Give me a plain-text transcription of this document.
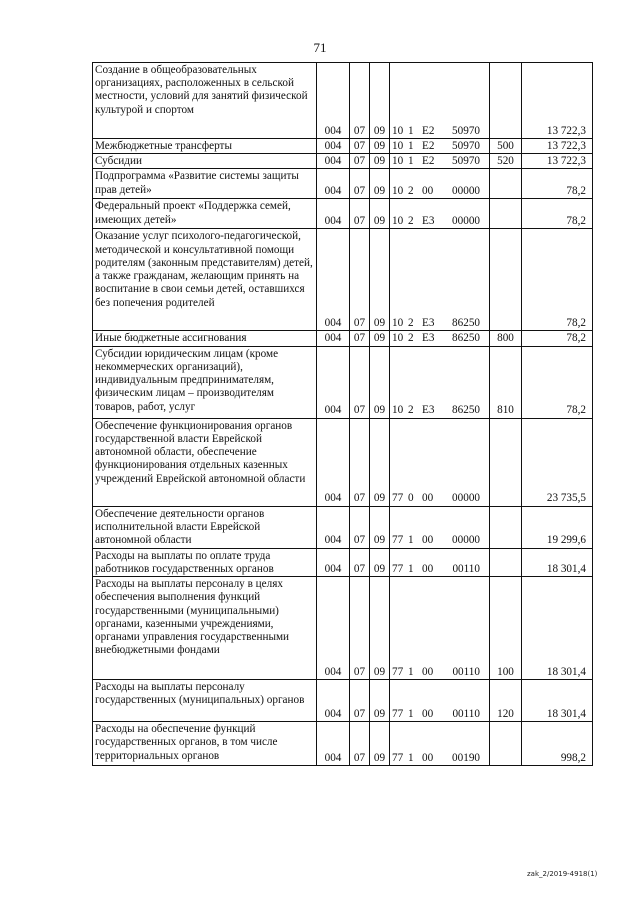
71
Создание в общеобразовательных организациях, расположенных в сельской местности, условий для занятий физической культурой и спортом	004	07	09	10 1 E2 50970		13 722,3
Межбюджетные трансферты	004	07	09	10 1 E2 50970	500	13 722,3
Субсидии	004	07	09	10 1 E2 50970	520	13 722,3
Подпрограмма «Развитие системы защиты прав детей»	004	07	09	10 2 00 00000		78,2
Федеральный проект «Поддержка семей, имеющих детей»	004	07	09	10 2 E3 00000		78,2
Оказание услуг психолого-педагогической, методической и консультативной помощи родителям (законным представителям) детей, а также гражданам, желающим принять на воспитание в свои семьи детей, оставшихся без попечения родителей	004	07	09	10 2 E3 86250		78,2
Иные бюджетные ассигнования	004	07	09	10 2 E3 86250	800	78,2
Субсидии юридическим лицам (кроме некоммерческих организаций), индивидуальным предпринимателям, физическим лицам – производителям товаров, работ, услуг	004	07	09	10 2 E3 86250	810	78,2
Обеспечение функционирования органов государственной власти Еврейской автономной области, обеспечение функционирования отдельных казенных учреждений Еврейской автономной области	004	07	09	77 0 00 00000		23 735,5
Обеспечение деятельности органов исполнительной власти Еврейской автономной области	004	07	09	77 1 00 00000		19 299,6
Расходы на выплаты по оплате труда работников государственных органов	004	07	09	77 1 00 00110		18 301,4
Расходы на выплаты персоналу в целях обеспечения выполнения функций государственными (муниципальными) органами, казенными учреждениями, органами управления государственными внебюджетными фондами	004	07	09	77 1 00 00110	100	18 301,4
Расходы на выплаты персоналу государственных (муниципальных) органов	004	07	09	77 1 00 00110	120	18 301,4
Расходы на обеспечение функций государственных органов, в том числе территориальных органов	004	07	09	77 1 00 00190		998,2
zak_2/2019-4918(1)
